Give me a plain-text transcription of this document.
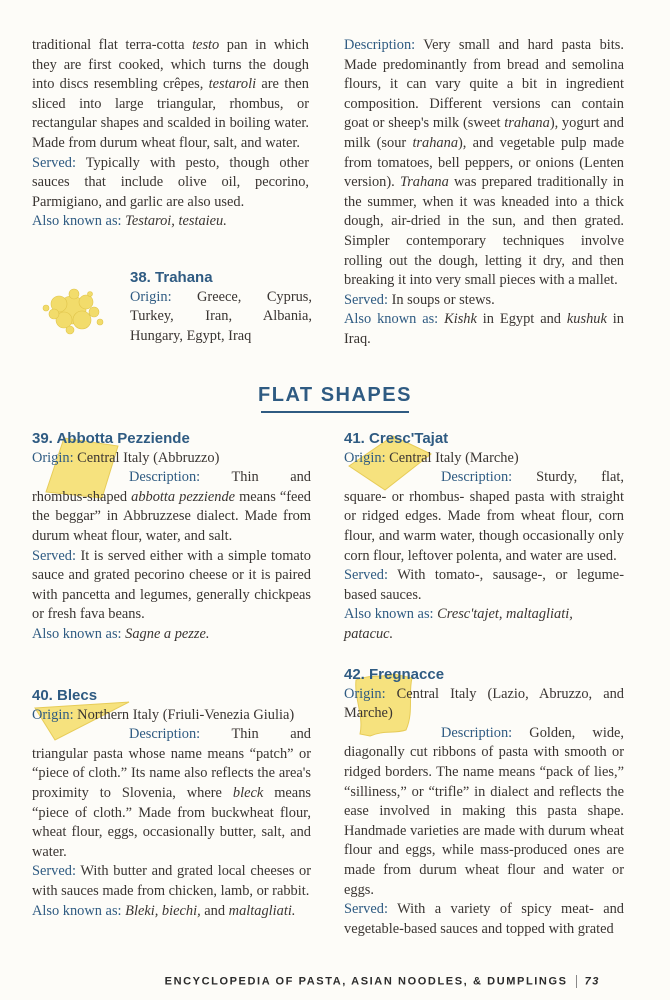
traditional flat terra-cotta testo pan in which they are first cooked, which turns the dough into discs resembling crêpes, testaroli are then sliced into large triangular, rhombus, or rectangular shapes and scalded in boiling water. Made from durum wheat flour, salt, and water.

Served: Typically with pesto, though other sauces that include olive oil, pecorino, Parmigiano, and garlic are also used.

Also known as: Testaroi, testaieu.

38. Trahana

Origin: Greece, Cyprus, Turkey, Iran, Albania, Hungary, Egypt, Iraq

Description: Very small and hard pasta bits. Made predominantly from bread and semolina flours, it can vary quite a bit in ingredient composition. Different versions can contain goat or sheep's milk (sweet trahana), yogurt and milk (sour trahana), and vegetable pulp made from tomatoes, bell peppers, or onions (Lenten version). Trahana was prepared traditionally in the summer, when it was kneaded into a thick dough, air-dried in the sun, and then grated. Simpler contemporary techniques involve rolling out the dough, letting it dry, and then breaking it into very small pieces with a mallet.

Served: In soups or stews.

Also known as: Kishk in Egypt and kushuk in Iraq.

FLAT SHAPES

39. Abbotta Pezziende

Origin: Central Italy (Abbruzzo)

Description: Thin and rhombus-shaped abbotta pezziende means “feed the beggar” in Abbruzzese dialect. Made from durum wheat flour, water, and salt.

Served: It is served either with a simple tomato sauce and grated pecorino cheese or it is paired with pancetta and legumes, generally chickpeas or fresh fava beans.

Also known as: Sagne a pezze.

40. Blecs

Origin: Northern Italy (Friuli-Venezia Giulia)

Description: Thin and triangular pasta whose name means “patch” or “piece of cloth.” Its name also reflects the area's proximity to Slovenia, where bleck means “piece of cloth.” Made from buckwheat flour, wheat flour, eggs, occasionally butter, salt, and water.

Served: With butter and grated local cheeses or with sauces made from chicken, lamb, or rabbit.

Also known as: Bleki, biechi, and maltagliati.

41. Cresc'Tajat

Origin: Central Italy (Marche)

Description: Sturdy, flat, square- or rhombus- shaped pasta with straight or ridged edges. Made from wheat flour, corn flour, and warm water, though occasionally only corn flour, leftover polenta, and water are used.

Served: With tomato-, sausage-, or legume-based sauces.

Also known as: Cresc'tajet, maltagliati, patacuc.

42. Fregnacce

Origin: Central Italy (Lazio, Abruzzo, and Marche)

Description: Golden, wide, diagonally cut ribbons of pasta with smooth or ridged borders. The name means “pack of lies,” “silliness,” or “trifle” in dialect and reflects the ease involved in making this pasta shape. Handmade varieties are made with durum wheat flour and eggs, while mass-produced ones are made from durum wheat flour and water or eggs.

Served: With a variety of spicy meat- and vegetable-based sauces and topped with grated

ENCYCLOPEDIA OF PASTA, ASIAN NOODLES, & DUMPLINGS 73
